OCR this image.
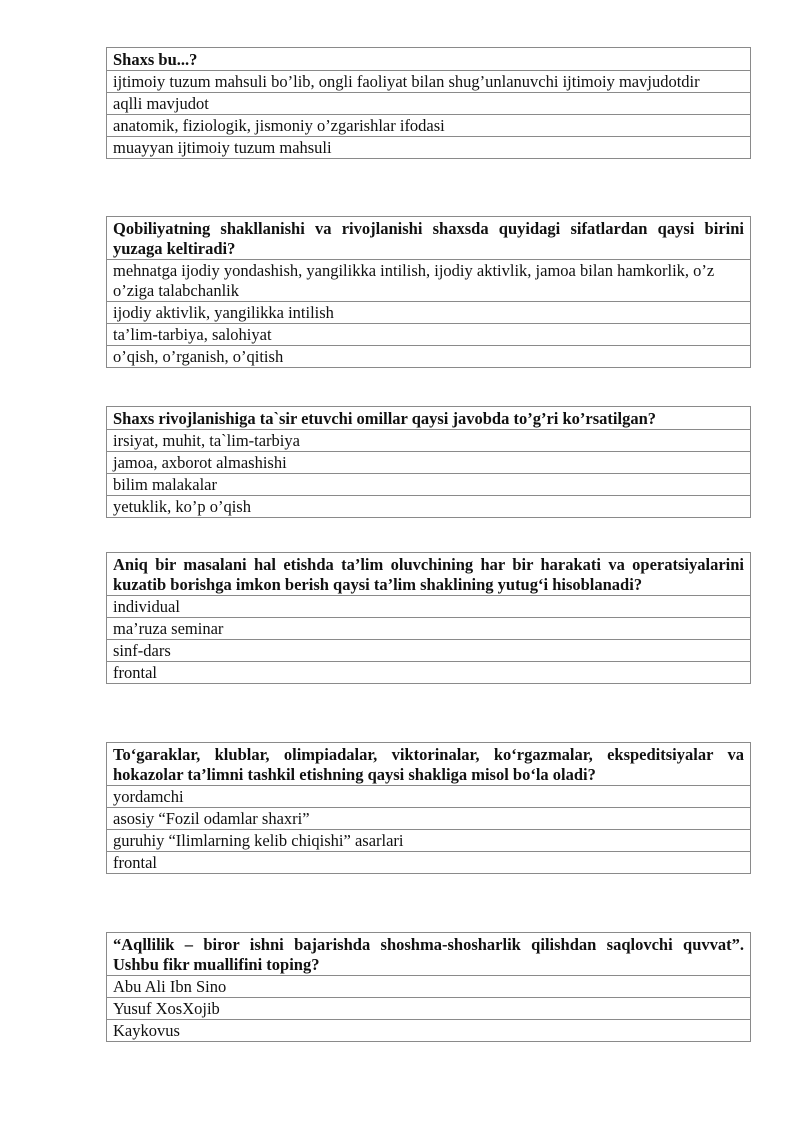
Shaxs bu...?
ijtimoiy tuzum mahsuli bo’lib, ongli faoliyat bilan shug’unlanuvchi ijtimoiy mavjudotdir
aqlli mavjudot
anatomik, fiziologik, jismoniy o’zgarishlar ifodasi
muayyan ijtimoiy tuzum mahsuli
Qobiliyatning shakllanishi va rivojlanishi shaxsda quyidagi sifatlardan qaysi birini yuzaga keltiradi?
mehnatga ijodiy yondashish, yangilikka intilish, ijodiy aktivlik, jamoa bilan hamkorlik, o’z o’ziga talabchanlik
ijodiy aktivlik, yangilikka intilish
ta’lim-tarbiya, salohiyat
o’qish, o’rganish, o’qitish
Shaxs rivojlanishiga ta`sir etuvchi omillar qaysi javobda to’g’ri ko’rsatilgan?
irsiyat, muhit, ta`lim-tarbiya
jamoa, axborot almashishi
bilim malakalar
yetuklik, ko’p o’qish
Aniq bir masalani hal etishda ta’lim oluvchining har bir harakati va operatsiyalarini kuzatib borishga imkon berish qaysi ta’lim shaklining yutug‘i hisoblanadi?
individual
ma’ruza seminar
sinf-dars
frontal
To‘garaklar, klublar, olimpiadalar, viktorinalar, ko‘rgazmalar, ekspeditsiyalar va hokazolar ta’limni tashkil etishning qaysi shakliga misol bo‘la oladi?
yordamchi
asosiy “Fozil odamlar shaxri”
guruhiy “Ilimlarning kelib chiqishi” asarlari
frontal
“Aqllilik – biror ishni bajarishda shoshma-shosharlik qilishdan saqlovchi quvvat”. Ushbu fikr muallifini toping?
Abu Ali Ibn Sino
Yusuf XosXojib
Kaykovus
